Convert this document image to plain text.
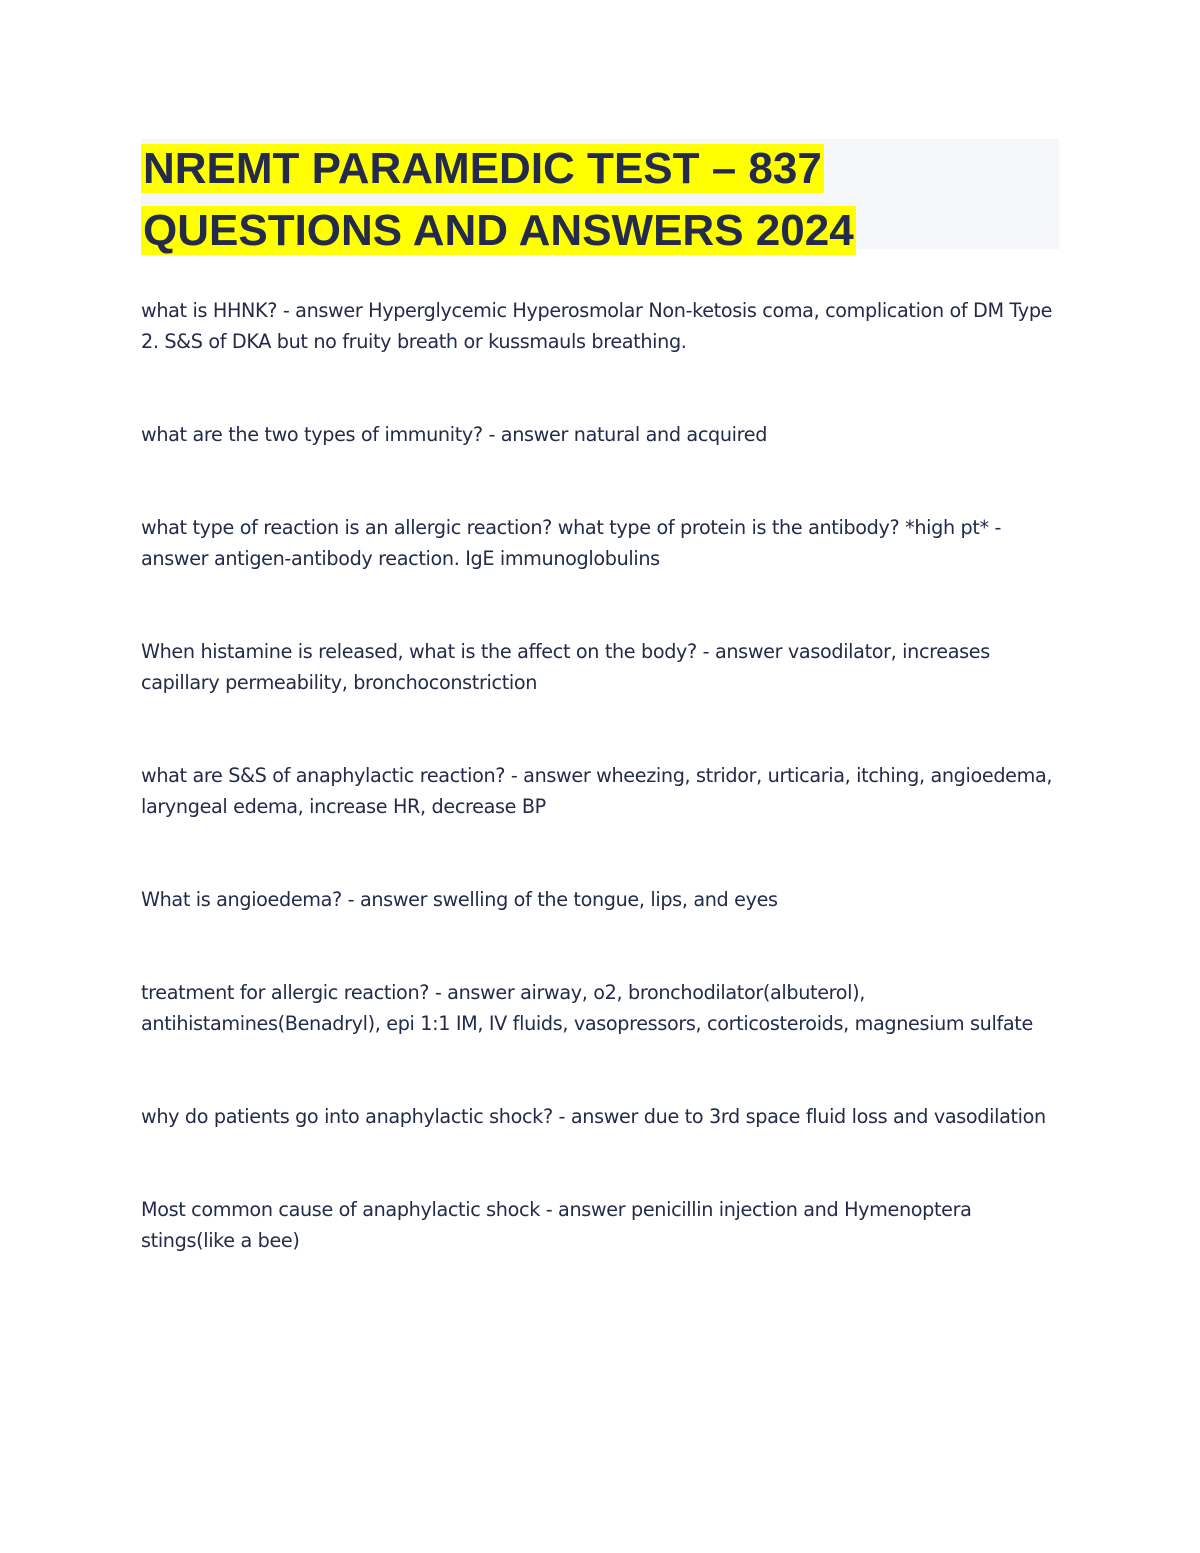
NREMT PARAMEDIC TEST – 837
QUESTIONS AND ANSWERS 2024

what is HHNK? - answer Hyperglycemic Hyperosmolar Non-ketosis coma, complication of DM Type 2. S&S of DKA but no fruity breath or kussmauls breathing.

what are the two types of immunity? - answer natural and acquired

what type of reaction is an allergic reaction? what type of protein is the antibody? *high pt* - answer antigen-antibody reaction. IgE immunoglobulins

When histamine is released, what is the affect on the body? - answer vasodilator, increases capillary permeability, bronchoconstriction

what are S&S of anaphylactic reaction? - answer wheezing, stridor, urticaria, itching, angioedema, laryngeal edema, increase HR, decrease BP

What is angioedema? - answer swelling of the tongue, lips, and eyes

treatment for allergic reaction? - answer airway, o2, bronchodilator(albuterol), antihistamines(Benadryl), epi 1:1 IM, IV fluids, vasopressors, corticosteroids, magnesium sulfate

why do patients go into anaphylactic shock? - answer due to 3rd space fluid loss and vasodilation

Most common cause of anaphylactic shock - answer penicillin injection and Hymenoptera stings(like a bee)
